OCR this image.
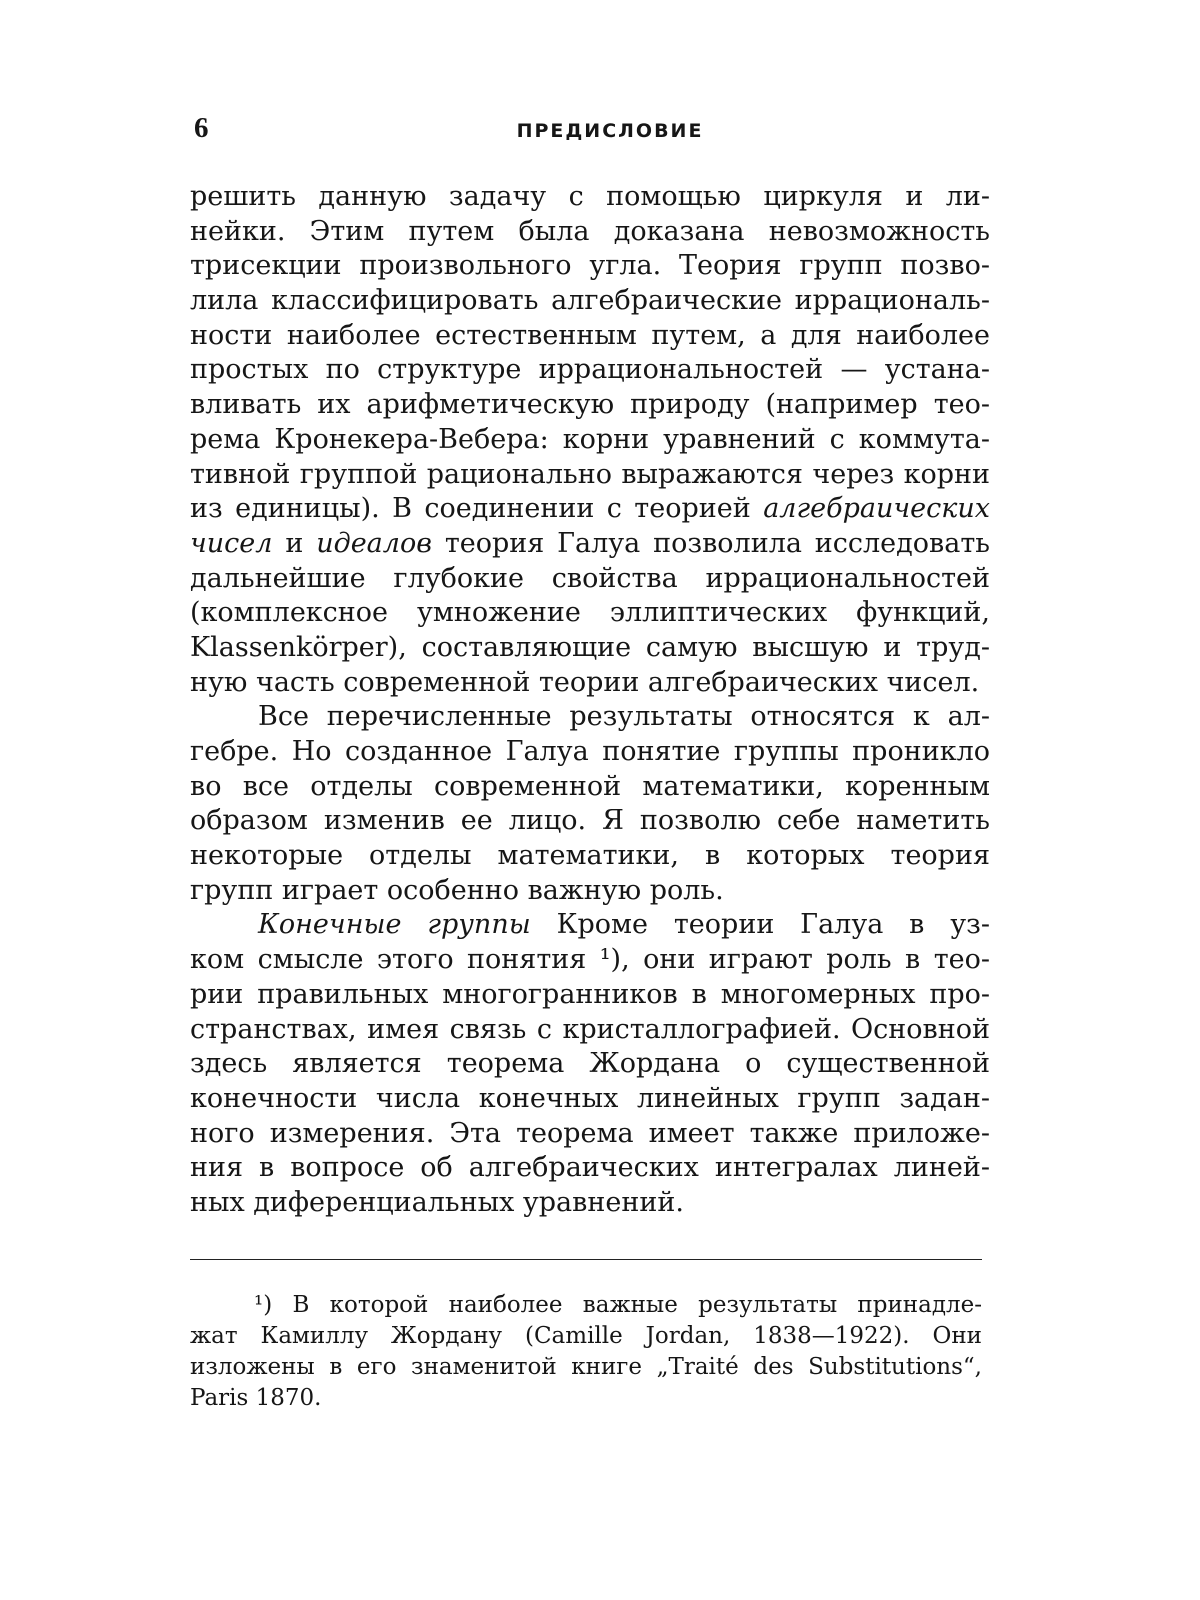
6	ПРЕДИСЛОВИЕ
решить данную задачу с помощью циркуля и ли-
нейки. Этим путем была доказана невозможность
трисекции произвольного угла. Теория групп позво-
лила классифицировать алгебраические иррациональ-
ности наиболее естественным путем, а для наиболее
простых по структуре иррациональностей — устана-
вливать их арифметическую природу (например тео-
рема Кронекера-Вебера: корни уравнений с коммута-
тивной группой рационально выражаются через корни
из единицы). В соединении с теорией алгебраических
чисел и идеалов теория Галуа позволила исследовать
дальнейшие глубокие свойства иррациональностей
(комплексное умножение эллиптических функций,
Klassenkörper), составляющие самую высшую и труд-
ную часть современной теории алгебраических чисел.
Все перечисленные результаты относятся к ал-
гебре. Но созданное Галуа понятие группы проникло
во все отделы современной математики, коренным
образом изменив ее лицо. Я позволю себе наметить
некоторые отделы математики, в которых теория
групп играет особенно важную роль.
Конечные группы Кроме теории Галуа в уз-
ком смысле этого понятия ¹), они играют роль в тео-
рии правильных многогранников в многомерных про-
странствах, имея связь с кристаллографией. Основной
здесь является теорема Жордана о существенной
конечности числа конечных линейных групп задан-
ного измерения. Эта теорема имеет также приложе-
ния в вопросе об алгебраических интегралах линей-
ных диференциальных уравнений.
¹) В которой наиболее важные результаты принадле-
жат Камиллу Жордану (Camille Jordan, 1838—1922). Они
изложены в его знаменитой книге „Traité des Substitutions“,
Paris 1870.
